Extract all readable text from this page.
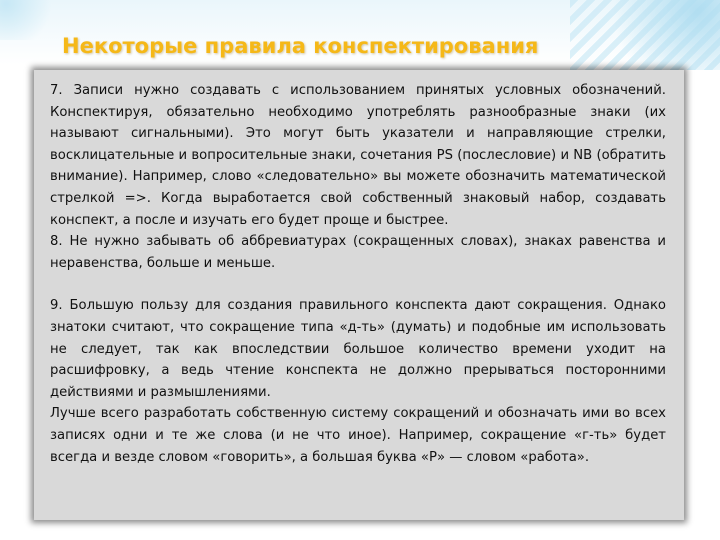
Некоторые правила конспектирования

7. Записи нужно создавать с использованием принятых условных обозначений. Конспектируя, обязательно необходимо употреблять разнообразные знаки (их называют сигнальными). Это могут быть указатели и направляющие стрелки, восклицательные и вопросительные знаки, сочетания PS (послесловие) и NB (обратить внимание). Например, слово «следовательно» вы можете обозначить математической стрелкой =>. Когда выработается свой собственный знаковый набор, создавать конспект, а после и изучать его будет проще и быстрее.

8. Не нужно забывать об аббревиатурах (сокращенных словах), знаках равенства и неравенства, больше и меньше.

9. Большую пользу для создания правильного конспекта дают сокращения. Однако знатоки считают, что сокращение типа «д-ть» (думать) и подобные им использовать не следует, так как впоследствии большое количество времени уходит на расшифровку, а ведь чтение конспекта не должно прерываться посторонними действиями и размышлениями.

Лучше всего разработать собственную систему сокращений и обозначать ими во всех записях одни и те же слова (и не что иное). Например, сокращение «г-ть» будет всегда и везде словом «говорить», а большая буква «Р» — словом «работа».
